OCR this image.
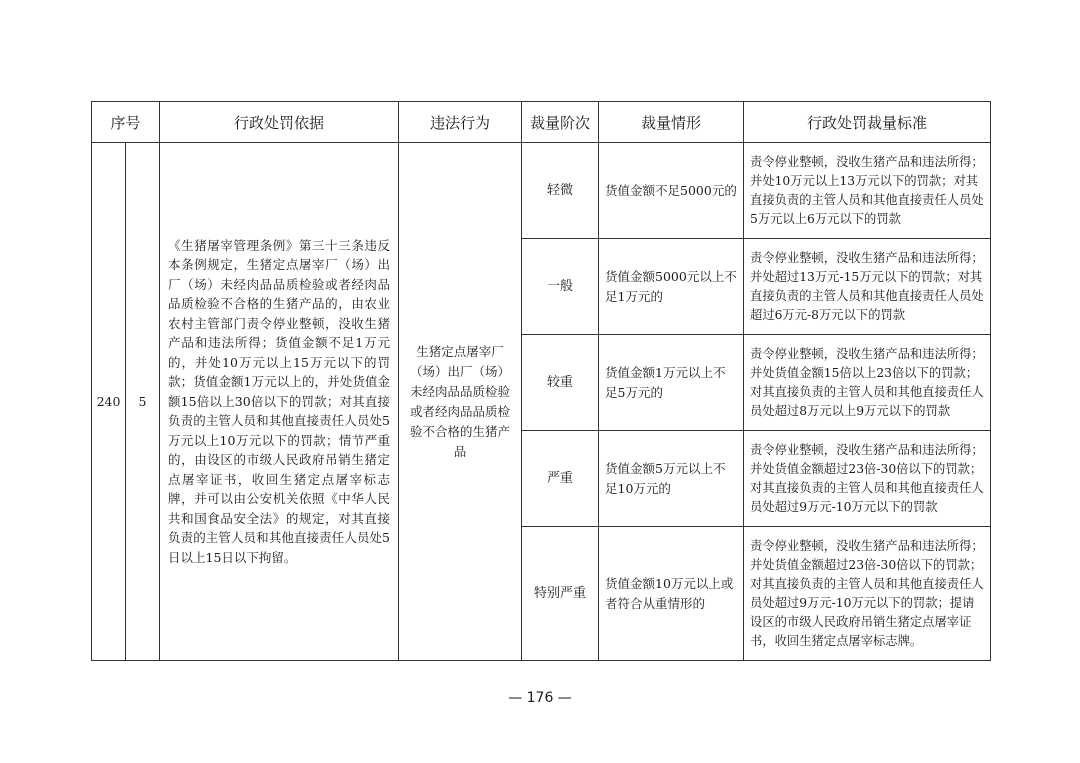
序号		行政处罚依据	违法行为	裁量阶次	裁量情形	行政处罚裁量标准
240	5	《生猪屠宰管理条例》第三十三条违反本条例规定，生猪定点屠宰厂（场）出厂（场）未经肉品品质检验或者经肉品品质检验不合格的生猪产品的，由农业农村主管部门责令停业整顿，没收生猪产品和违法所得；货值金额不足1万元的，并处10万元以上15万元以下的罚款；货值金额1万元以上的，并处货值金额15倍以上30倍以下的罚款；对其直接负责的主管人员和其他直接责任人员处5万元以上10万元以下的罚款；情节严重的，由设区的市级人民政府吊销生猪定点屠宰证书，收回生猪定点屠宰标志牌，并可以由公安机关依照《中华人民共和国食品安全法》的规定，对其直接负责的主管人员和其他直接责任人员处5日以上15日以下拘留。	生猪定点屠宰厂（场）出厂（场）未经肉品品质检验或者经肉品品质检验不合格的生猪产品	轻微	货值金额不足5000元的	责令停业整顿，没收生猪产品和违法所得；并处10万元以上13万元以下的罚款；对其直接负责的主管人员和其他直接责任人员处5万元以上6万元以下的罚款
				一般	货值金额5000元以上不足1万元的	责令停业整顿，没收生猪产品和违法所得；并处超过13万元-15万元以下的罚款；对其直接负责的主管人员和其他直接责任人员处超过6万元-8万元以下的罚款
				较重	货值金额1万元以上不足5万元的	责令停业整顿，没收生猪产品和违法所得；并处货值金额15倍以上23倍以下的罚款；对其直接负责的主管人员和其他直接责任人员处超过8万元以上9万元以下的罚款
				严重	货值金额5万元以上不足10万元的	责令停业整顿，没收生猪产品和违法所得；并处货值金额超过23倍-30倍以下的罚款；对其直接负责的主管人员和其他直接责任人员处超过9万元-10万元以下的罚款
				特别严重	货值金额10万元以上或者符合从重情形的	责令停业整顿，没收生猪产品和违法所得；并处货值金额超过23倍-30倍以下的罚款；对其直接负责的主管人员和其他直接责任人员处超过9万元-10万元以下的罚款；提请设区的市级人民政府吊销生猪定点屠宰证书，收回生猪定点屠宰标志牌。
— 176 —
